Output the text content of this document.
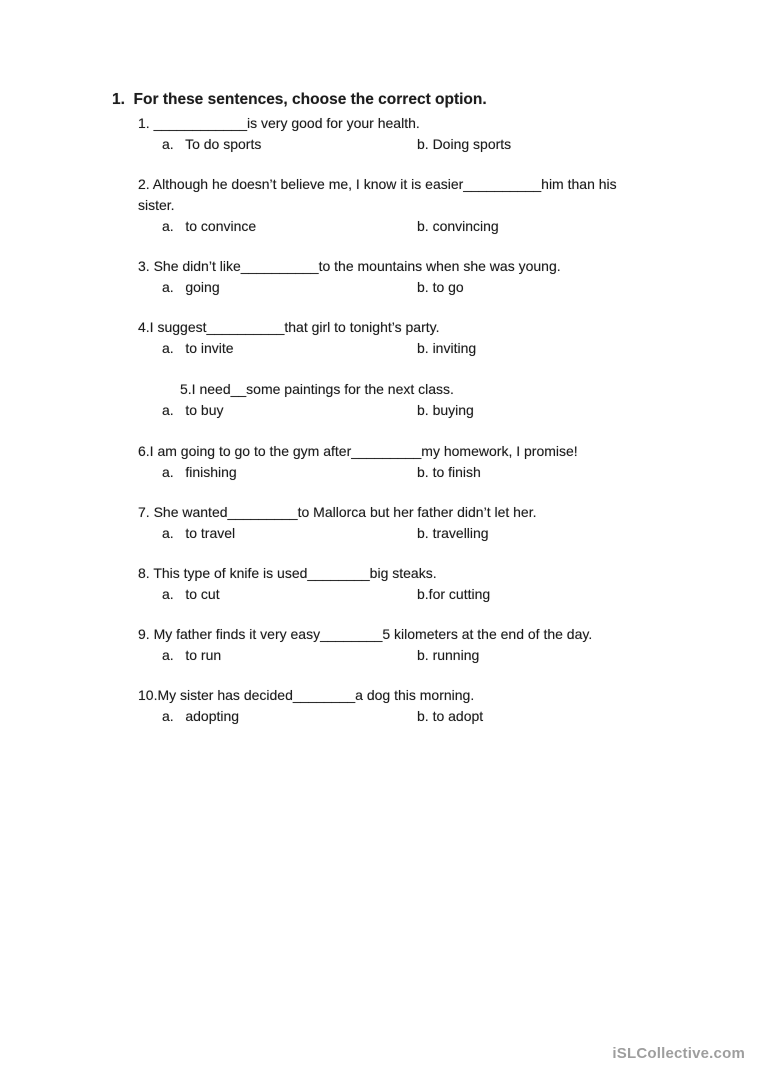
1.  For these sentences, choose the correct option.
1. ____________is very good for your health.
a.   To do sports	b. Doing sports
2. Although he doesn’t believe me, I know it is easier__________him than his
sister.
a.   to convince	b. convincing
3. She didn’t like__________to the mountains when she was young.
a.   going	b. to go
4.I suggest__________that girl to tonight’s party.
a.   to invite	b. inviting
5.I need__some paintings for the next class.
a.   to buy	b. buying
6.I am going to go to the gym after_________my homework, I promise!
a.   finishing	b. to finish
7. She wanted_________to Mallorca but her father didn’t let her.
a.   to travel	b. travelling
8. This type of knife is used________big steaks.
a.   to cut	b.for cutting
9. My father finds it very easy________5 kilometers at the end of the day.
a.   to run	b. running
10.My sister has decided________a dog this morning.
a.   adopting	b. to adopt
iSLCollective.com
